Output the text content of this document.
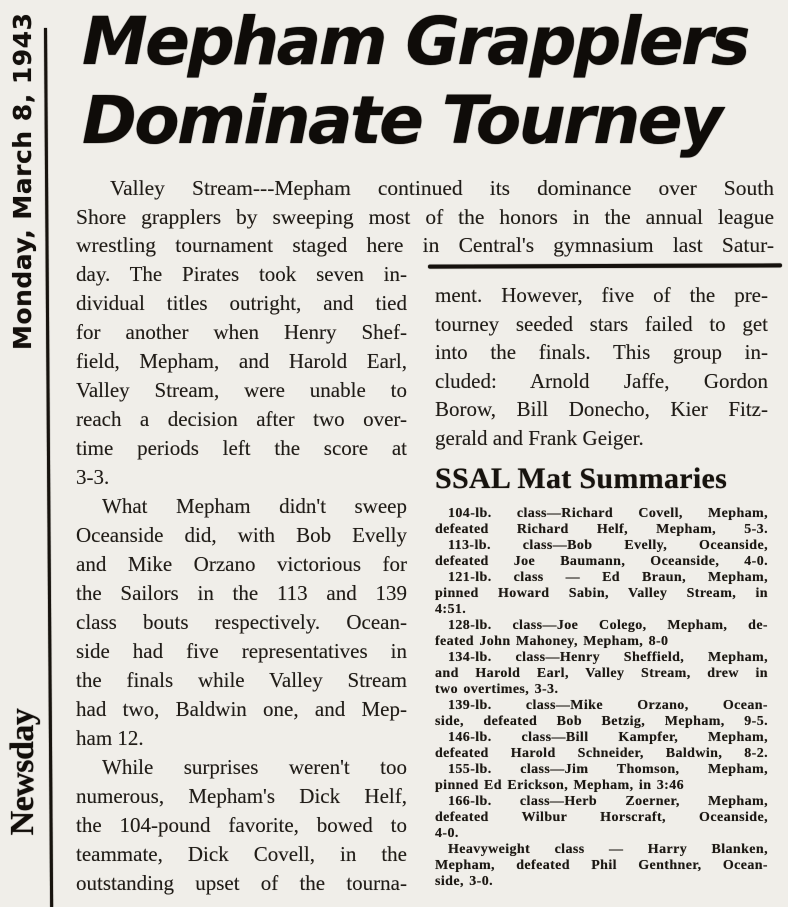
Monday, March 8, 1943
Newsday
Mepham Grapplers
Dominate Tourney
Valley Stream---Mepham continued its dominance over South
Shore grapplers by sweeping most of the honors in the annual league
wrestling tournament staged here in Central's gymnasium last Satur-
day. The Pirates took seven in-
dividual titles outright, and tied
for another when Henry Shef-
field, Mepham, and Harold Earl,
Valley Stream, were unable to
reach a decision after two over-
time periods left the score at
3-3.
What Mepham didn't sweep
Oceanside did, with Bob Evelly
and Mike Orzano victorious for
the Sailors in the 113 and 139
class bouts respectively. Ocean-
side had five representatives in
the finals while Valley Stream
had two, Baldwin one, and Mep-
ham 12.
While surprises weren't too
numerous, Mepham's Dick Helf,
the 104-pound favorite, bowed to
teammate, Dick Covell, in the
outstanding upset of the tourna-
ment. However, five of the pre-
tourney seeded stars failed to get
into the finals. This group in-
cluded: Arnold Jaffe, Gordon
Borow, Bill Donecho, Kier Fitz-
gerald and Frank Geiger.
SSAL Mat Summaries
104-lb. class—Richard Covell, Mepham,
defeated Richard Helf, Mepham, 5-3.
113-lb. class—Bob Evelly, Oceanside,
defeated Joe Baumann, Oceanside, 4-0.
121-lb. class — Ed Braun, Mepham,
pinned Howard Sabin, Valley Stream, in
4:51.
128-lb. class—Joe Colego, Mepham, de-
feated John Mahoney, Mepham, 8-0
134-lb. class—Henry Sheffield, Mepham,
and Harold Earl, Valley Stream, drew in
two overtimes, 3-3.
139-lb. class—Mike Orzano, Ocean-
side, defeated Bob Betzig, Mepham, 9-5.
146-lb. class—Bill Kampfer, Mepham,
defeated Harold Schneider, Baldwin, 8-2.
155-lb. class—Jim Thomson, Mepham,
pinned Ed Erickson, Mepham, in 3:46
166-lb. class—Herb Zoerner, Mepham,
defeated Wilbur Horscraft, Oceanside,
4-0.
Heavyweight class — Harry Blanken,
Mepham, defeated Phil Genthner, Ocean-
side, 3-0.
